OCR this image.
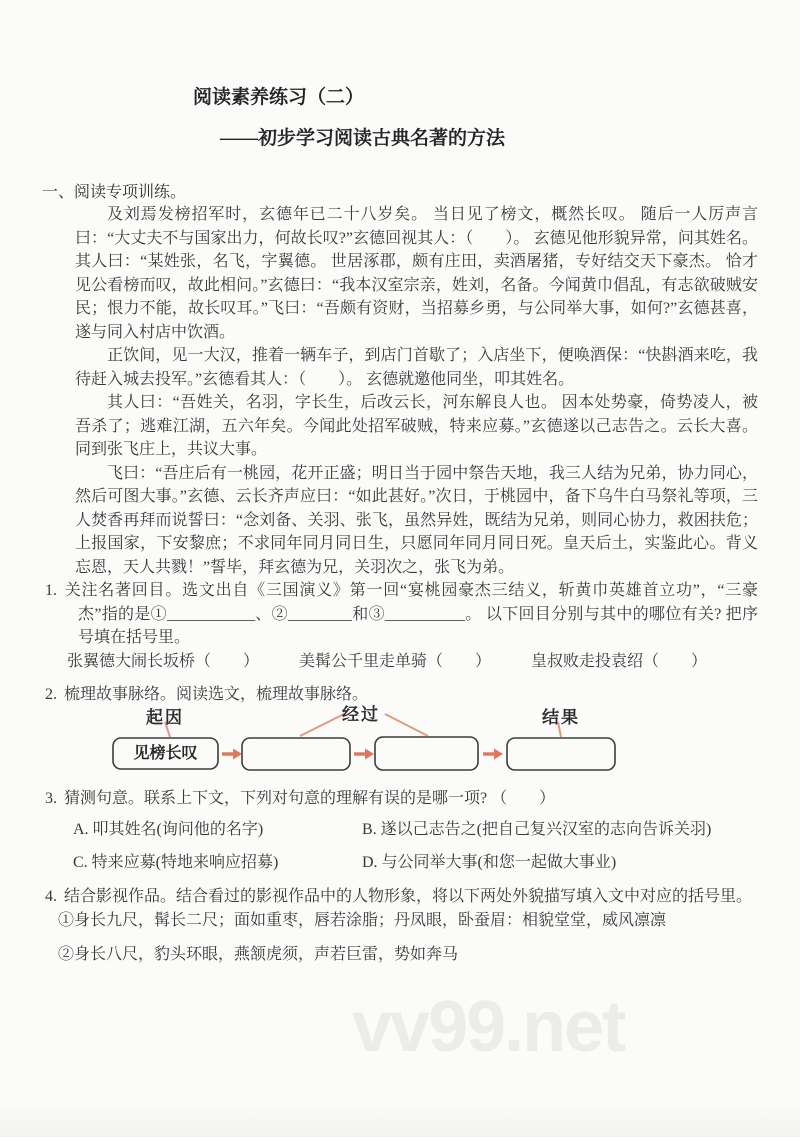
vv99.net
阅读素养练习（二）
——初步学习阅读古典名著的方法
一、阅读专项训练。

及刘焉发榜招军时，玄德年已二十八岁矣。 当日见了榜文，概然长叹。 随后一人厉声言曰：“大丈夫不与国家出力，何故长叹?”玄德回视其人：（　　）。 玄德见他形貌异常，问其姓名。 其人曰：“某姓张，名飞，字翼德。 世居涿郡，颇有庄田，卖酒屠猪，专好结交天下豪杰。 恰才见公看榜而叹，故此相问。”玄德曰：“我本汉室宗亲，姓刘，名备。今闻黄巾倡乱，有志欲破贼安民；恨力不能，故长叹耳。”飞曰：“吾颇有资财，当招募乡勇，与公同举大事，如何?”玄德甚喜，遂与同入村店中饮酒。

正饮间，见一大汉，推着一辆车子，到店门首歇了；入店坐下，便唤酒保：“快斟酒来吃，我待赶入城去投军。”玄德看其人：（　　）。 玄德就邀他同坐，叩其姓名。

其人曰：“吾姓关，名羽，字长生，后改云长，河东解良人也。 因本处势豪，倚势凌人，被吾杀了；逃难江湖，五六年矣。今闻此处招军破贼，特来应募。”玄德遂以己志告之。云长大喜。 同到张飞庄上，共议大事。

飞曰：“吾庄后有一桃园，花开正盛；明日当于园中祭告天地，我三人结为兄弟，协力同心，然后可图大事。”玄德、云长齐声应曰：“如此甚好。”次日，于桃园中，备下乌牛白马祭礼等项，三人焚香再拜而说誓曰：“念刘备、关羽、张飞，虽然异姓，既结为兄弟，则同心协力，救困扶危；上报国家，下安黎庶；不求同年同月同日生，只愿同年同月同日死。皇天后土，实鉴此心。背义忘恩，天人共戮！”誓毕，拜玄德为兄，关羽次之，张飞为弟。

1. 关注名著回目。选文出自《三国演义》第一回“宴桃园豪杰三结义，斩黄巾英雄首立功”，“三豪杰”指的是①___________、②________和③__________。 以下回目分别与其中的哪位有关? 把序号填在括号里。
张翼德大闹长坂桥（　　）	美髯公千里走单骑（　　）	皇叔败走投袁绍（　　）
2. 梳理故事脉络。阅读选文，梳理故事脉络。
起因	经过	结果
见榜长叹
3. 猜测句意。联系上下文，下列对句意的理解有误的是哪一项? （　　）
A. 叩其姓名(询问他的名字)	B. 遂以己志告之(把自己复兴汉室的志向告诉关羽)
C. 特来应募(特地来响应招募)	D. 与公同举大事(和您一起做大事业)
4. 结合影视作品。结合看过的影视作品中的人物形象，将以下两处外貌描写填入文中对应的括号里。
①身长九尺，髯长二尺；面如重枣，唇若涂脂；丹凤眼，卧蚕眉：相貌堂堂，威风凛凛
②身长八尺，豹头环眼，燕颔虎须，声若巨雷，势如奔马
